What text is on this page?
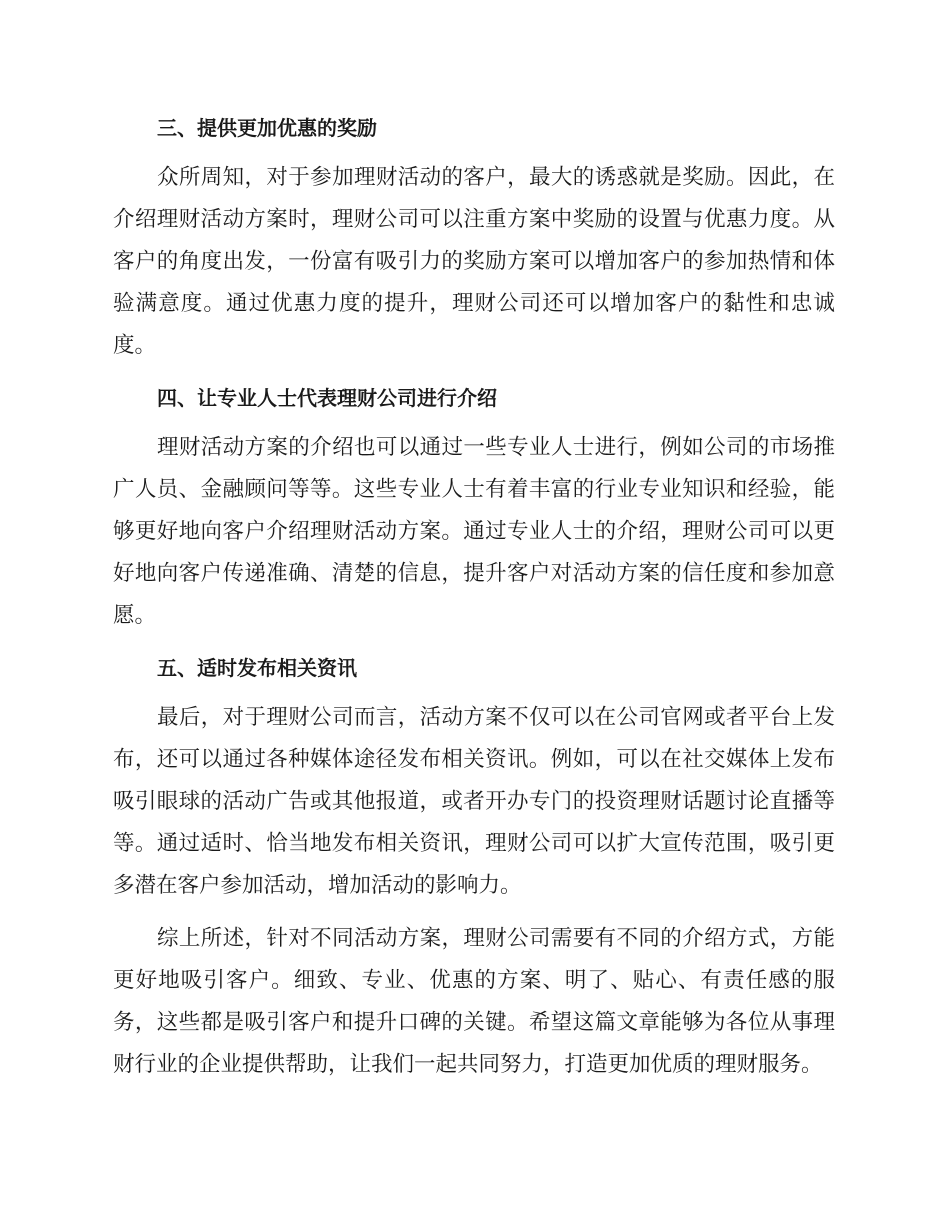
三、提供更加优惠的奖励

众所周知，对于参加理财活动的客户，最大的诱惑就是奖励。因此，在介绍理财活动方案时，理财公司可以注重方案中奖励的设置与优惠力度。从客户的角度出发，一份富有吸引力的奖励方案可以增加客户的参加热情和体验满意度。通过优惠力度的提升，理财公司还可以增加客户的黏性和忠诚度。

四、让专业人士代表理财公司进行介绍

理财活动方案的介绍也可以通过一些专业人士进行，例如公司的市场推广人员、金融顾问等等。这些专业人士有着丰富的行业专业知识和经验，能够更好地向客户介绍理财活动方案。通过专业人士的介绍，理财公司可以更好地向客户传递准确、清楚的信息，提升客户对活动方案的信任度和参加意愿。

五、适时发布相关资讯

最后，对于理财公司而言，活动方案不仅可以在公司官网或者平台上发布，还可以通过各种媒体途径发布相关资讯。例如，可以在社交媒体上发布吸引眼球的活动广告或其他报道，或者开办专门的投资理财话题讨论直播等等。通过适时、恰当地发布相关资讯，理财公司可以扩大宣传范围，吸引更多潜在客户参加活动，增加活动的影响力。

综上所述，针对不同活动方案，理财公司需要有不同的介绍方式，方能更好地吸引客户。细致、专业、优惠的方案、明了、贴心、有责任感的服务，这些都是吸引客户和提升口碑的关键。希望这篇文章能够为各位从事理财行业的企业提供帮助，让我们一起共同努力，打造更加优质的理财服务。
